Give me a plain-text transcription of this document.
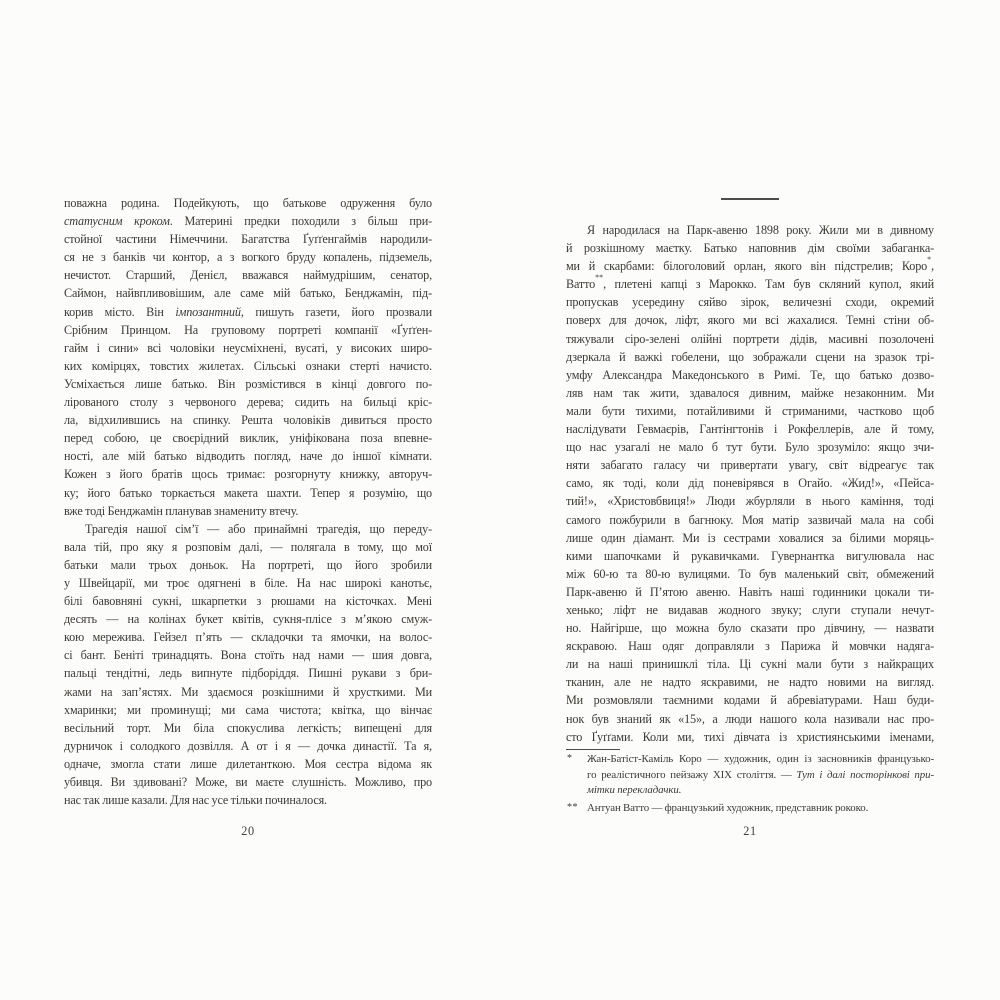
поважна родина. Подейкують, що батькове одруження було
статусним кроком. Материні предки походили з більш при-
стойної частини Німеччини. Багатства Ґуґґенгаймів народили-
ся не з банків чи контор, а з вогкого бруду копалень, підземель,
нечистот. Старший, Денієл, вважався наймудрішим, сенатор,
Саймон, найвпливовішим, але саме мій батько, Бенджамін, під-
корив місто. Він імпозантний, пишуть газети, його прозвали
Срібним Принцом. На груповому портреті компанії «Ґуґґен-
гайм і сини» всі чоловіки неусміхнені, вусаті, у високих широ-
ких комірцях, товстих жилетах. Сільські ознаки стерті начисто.
Усміхається лише батько. Він розмістився в кінці довгого по-
лірованого столу з червоного дерева; сидить на бильці кріс-
ла, відхилившись на спинку. Решта чоловіків дивиться просто
перед собою, це своєрідний виклик, уніфікована поза впевне-
ності, але мій батько відводить погляд, наче до іншої кімнати.
Кожен з його братів щось тримає: розгорнуту книжку, авторуч-
ку; його батько торкається макета шахти. Тепер я розумію, що
вже тоді Бенджамін планував знамениту втечу.
Трагедія нашої сім’ї — або принаймні трагедія, що переду-
вала тій, про яку я розповім далі, — полягала в тому, що мої
батьки мали трьох доньок. На портреті, що його зробили
у Швейцарії, ми троє одягнені в біле. На нас широкі канотьє,
білі бавовняні сукні, шкарпетки з рюшами на кісточках. Мені
десять — на колінах букет квітів, сукня-плісе з м’якою смуж-
кою мережива. Гейзел п’ять — складочки та ямочки, на волос-
сі бант. Беніті тринадцять. Вона стоїть над нами — шия довга,
пальці тендітні, ледь випнуте підборіддя. Пишні рукави з бри-
жами на зап’ястях. Ми здаємося розкішними й хрусткими. Ми
хмаринки; ми проминущі; ми сама чистота; квітка, що вінчає
весільний торт. Ми біла спокуслива легкість; випещені для
дурничок і солодкого дозвілля. А от і я — дочка династії. Та я,
одначе, змогла стати лише дилетанткою. Моя сестра відома як
убивця. Ви здивовані? Може, ви маєте слушність. Можливо, про
нас так лише казали. Для нас усе тільки починалося.
Я народилася на Парк-авеню 1898 року. Жили ми в дивному
й розкішному маєтку. Батько наповнив дім своїми забаганка-
ми й скарбами: білоголовий орлан, якого він підстрелив; Коро*,
Ватто**, плетені капці з Марокко. Там був скляний купол, який
пропускав усередину сяйво зірок, величезні сходи, окремий
поверх для дочок, ліфт, якого ми всі жахалися. Темні стіни об-
тяжували сіро-зелені олійні портрети дідів, масивні позолочені
дзеркала й важкі гобелени, що зображали сцени на зразок трі-
умфу Александра Македонського в Римі. Те, що батько дозво-
ляв нам так жити, здавалося дивним, майже незаконним. Ми
мали бути тихими, потайливими й стриманими, частково щоб
наслідувати Гевмаєрів, Гантінгтонів і Рокфеллерів, але й тому,
що нас узагалі не мало б тут бути. Було зрозуміло: якщо зчи-
няти забагато галасу чи привертати увагу, світ відреагує так
само, як тоді, коли дід поневірявся в Огайо. «Жид!», «Пейса-
тий!», «Христовбвиця!» Люди жбурляли в нього каміння, тоді
самого пожбурили в багнюку. Моя матір зазвичай мала на собі
лише один діамант. Ми із сестрами ховалися за білими моряць-
кими шапочками й рукавичками. Гувернантка вигулювала нас
між 60-ю та 80-ю вулицями. То був маленький світ, обмежений
Парк-авеню й П’ятою авеню. Навіть наші годинники цокали ти-
хенько; ліфт не видавав жодного звуку; слуги ступали нечут-
но. Найгірше, що можна було сказати про дівчину, — назвати
яскравою. Наш одяг доправляли з Парижа й мовчки надяга-
ли на наші принишклі тіла. Ці сукні мали бути з найкращих
тканин, але не надто яскравими, не надто новими на вигляд.
Ми розмовляли таємними кодами й абревіатурами. Наш буди-
нок був знаний як «15», а люди нашого кола називали нас про-
сто Ґуґґами. Коли ми, тихі дівчата із християнськими іменами,
* Жан-Батіст-Каміль Коро — художник, один із засновників французько-
го реалістичного пейзажу XIX століття. — Тут і далі посторінкові при-
мітки перекладачки.
** Антуан Ватто — французький художник, представник рококо.
20	21
